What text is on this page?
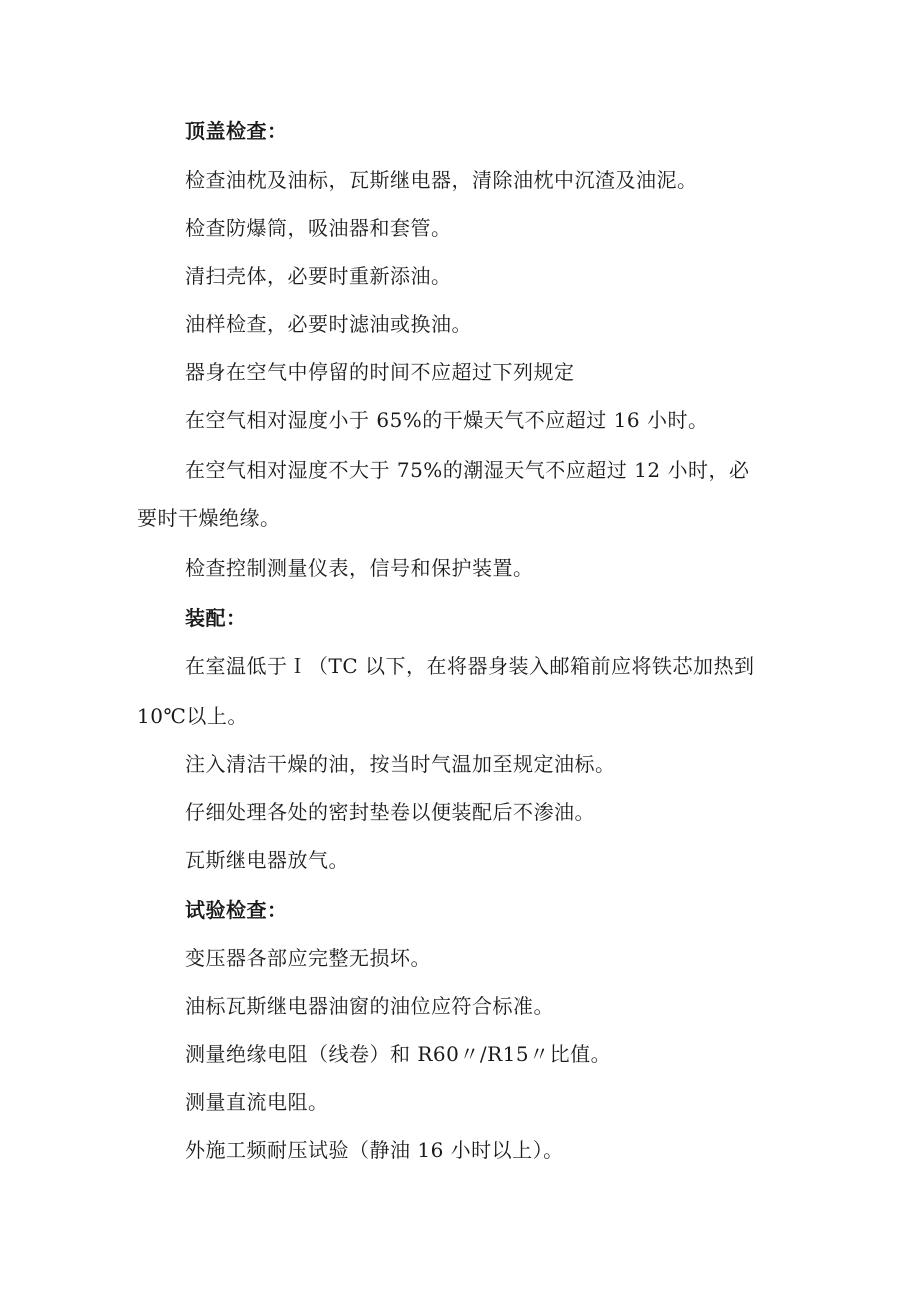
顶盖检查：
检查油枕及油标，瓦斯继电器，清除油枕中沉渣及油泥。
检查防爆筒，吸油器和套管。
清扫壳体，必要时重新添油。
油样检查，必要时滤油或换油。
器身在空气中停留的时间不应超过下列规定
在空气相对湿度小于 65%的干燥天气不应超过 16 小时。
在空气相对湿度不大于 75%的潮湿天气不应超过 12 小时，必
要时干燥绝缘。
检查控制测量仪表，信号和保护装置。
装配：
在室温低于Ｉ（TC 以下，在将器身装入邮箱前应将铁芯加热到
10℃以上。
注入清洁干燥的油，按当时气温加至规定油标。
仔细处理各处的密封垫卷以便装配后不渗油。
瓦斯继电器放气。
试验检查：
变压器各部应完整无损坏。
油标瓦斯继电器油窗的油位应符合标准。
测量绝缘电阻（线卷）和 R60〃/R15〃比值。
测量直流电阻。
外施工频耐压试验（静油 16 小时以上）。
